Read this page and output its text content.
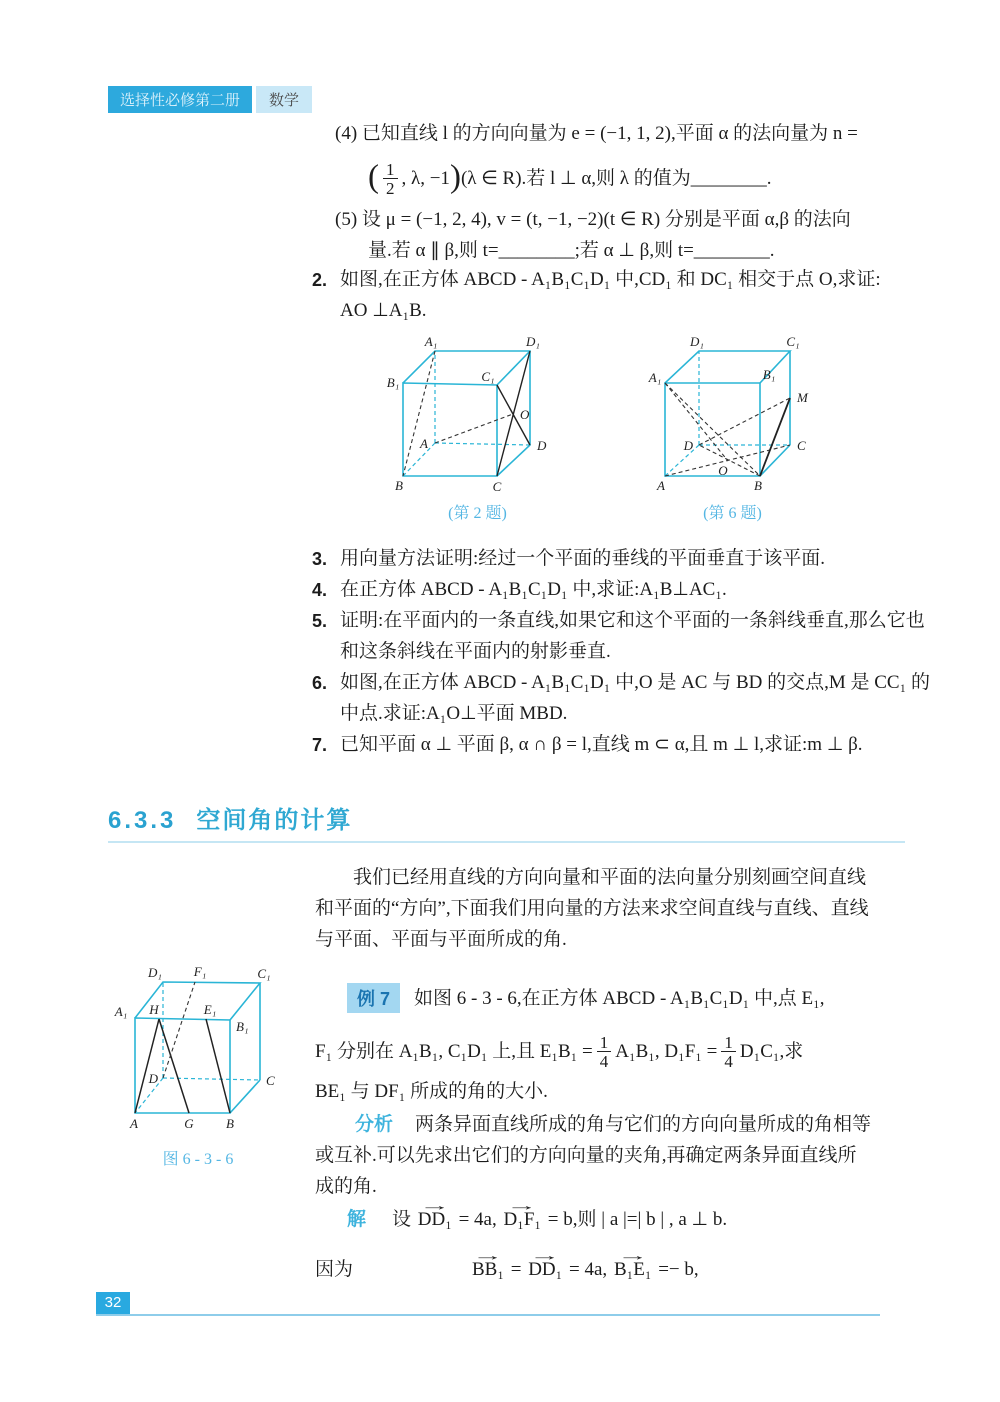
选择性必修第二册 数学
(4) 已知直线 l 的方向向量为 e = (−1, 1, 2),平面 α 的法向量为 n =
( $\frac{1}{2}$ , λ, −1 ) (λ ∈ R).若 l ⊥ α,则 λ 的值为________.
(5) 设 μ = (−1, 2, 4), v = (t, −1, −2)(t ∈ R) 分别是平面 α,β 的法向
量.若 α ∥ β,则 t=________;若 α ⊥ β,则 t=________.
2. 如图,在正方体 ABCD - A₁B₁C₁D₁ 中,CD₁ 和 DC₁ 相交于点 O,求证:
AO ⊥A₁B.
A₁	D₁
B₁	C₁
O
A	D
B	C
(第 2 题)
D₁	C₁
A₁	B₁
M
D	C
O
A	B
(第 6 题)
3. 用向量方法证明:经过一个平面的垂线的平面垂直于该平面.
4. 在正方体 ABCD - A₁B₁C₁D₁ 中,求证:A₁B⊥AC₁.
5. 证明:在平面内的一条直线,如果它和这个平面的一条斜线垂直,那么它也
和这条斜线在平面内的射影垂直.
6. 如图,在正方体 ABCD - A₁B₁C₁D₁ 中,O 是 AC 与 BD 的交点,M 是 CC₁ 的
中点.求证:A₁O⊥平面 MBD.
7. 已知平面 α ⊥ 平面 β, α ∩ β = l,直线 m ⊂ α,且 m ⊥ l,求证:m ⊥ β.
6.3.3 空间角的计算
我们已经用直线的方向向量和平面的法向量分别刻画空间直线
和平面的“方向”,下面我们用向量的方法来求空间直线与直线、直线
与平面、平面与平面所成的角.
D₁ F₁	C₁
A₁ H	E₁
B₁
D	C
A	G B
图 6 - 3 - 6
例 7	如图 6 - 3 - 6,在正方体 ABCD - A₁B₁C₁D₁ 中,点 E₁,
F₁ 分别在 A₁B₁, C₁D₁ 上,且 $E_1B_1 = \frac{1}{4} A_1B_1$, $D_1F_1 = \frac{1}{4} D_1C_1$,求
BE₁ 与 DF₁ 所成的角的大小.
分析 两条异面直线所成的角与它们的方向向量所成的角相等
或互补.可以先求出它们的方向向量的夹角,再确定两条异面直线所
成的角.
解 设 → DD₁ = 4a, → D₁F₁ = b,则 | a |=| b | , a ⊥ b.
因为	→ BB₁ = → DD₁ = 4a, → B₁E₁ =− b,
32
